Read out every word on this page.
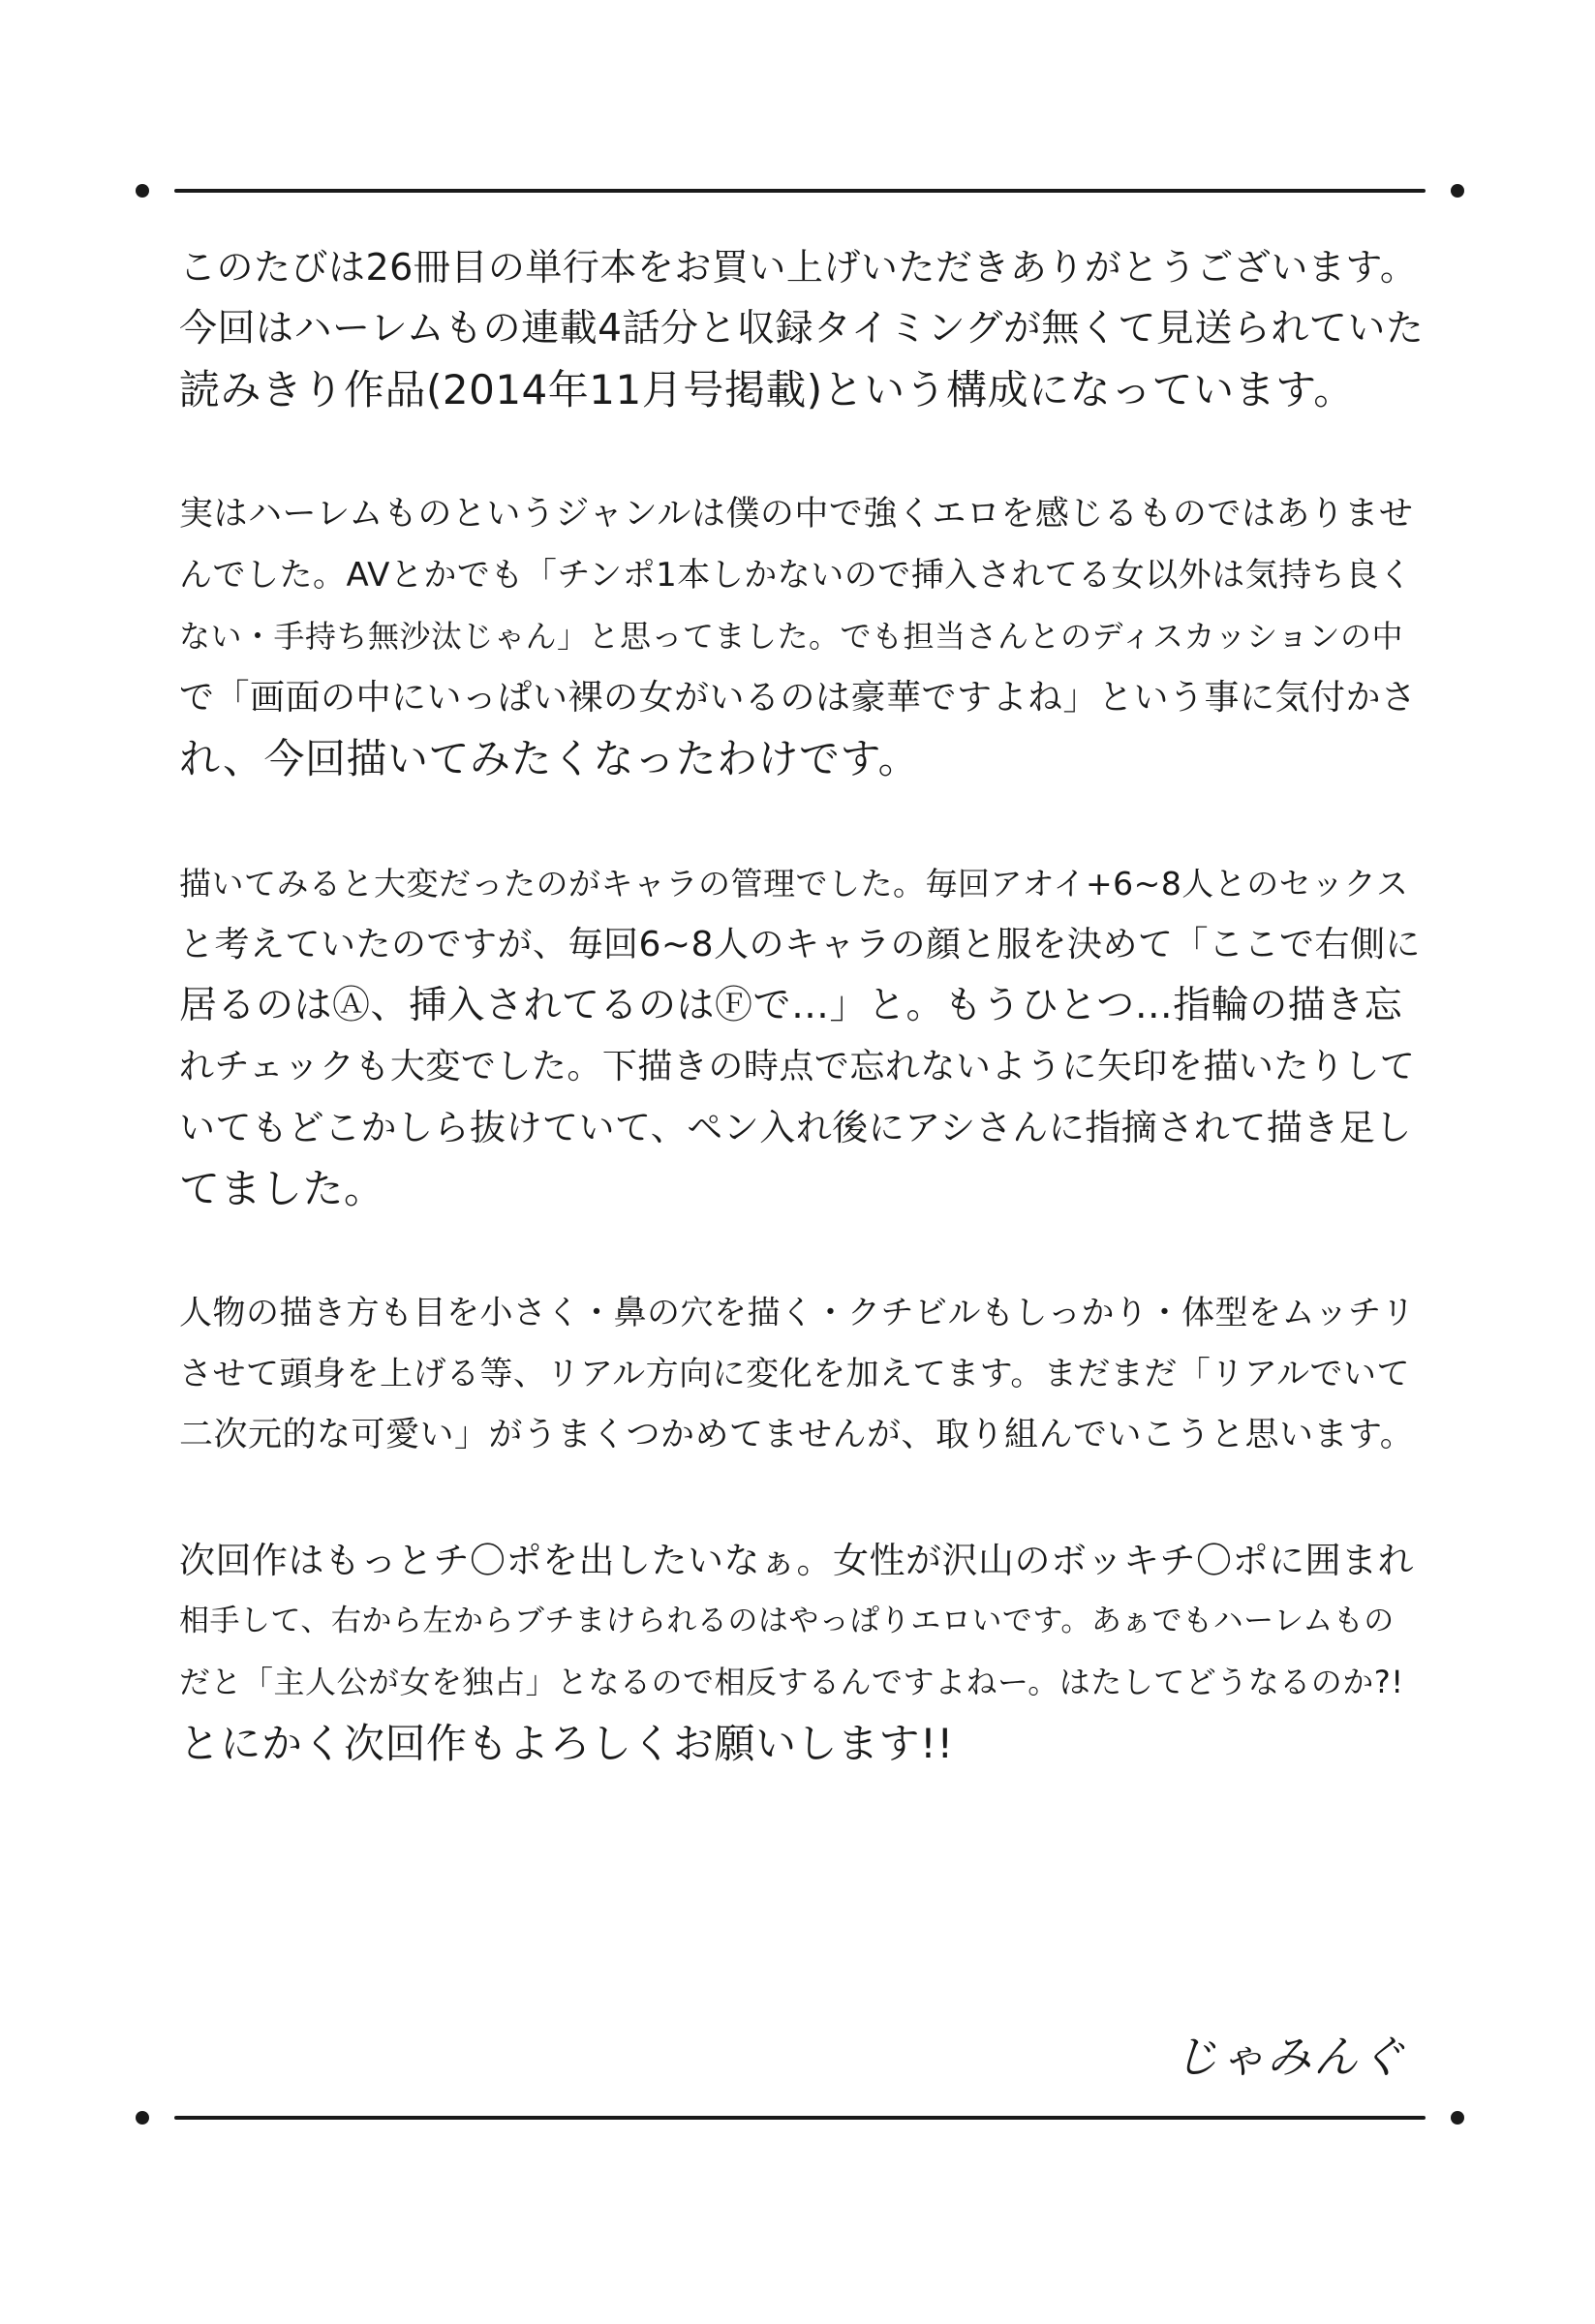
このたびは26冊目の単行本をお買い上げいただきありがとうございます。
今回はハーレムもの連載4話分と収録タイミングが無くて見送られていた
読みきり作品(2014年11月号掲載)という構成になっています。
実はハーレムものというジャンルは僕の中で強くエロを感じるものではありませ
んでした。AVとかでも「チンポ1本しかないので挿入されてる女以外は気持ち良く
ない・手持ち無沙汰じゃん」と思ってました。でも担当さんとのディスカッションの中
で「画面の中にいっぱい裸の女がいるのは豪華ですよね」という事に気付かさ
れ、今回描いてみたくなったわけです。
描いてみると大変だったのがキャラの管理でした。毎回アオイ+6~8人とのセックス
と考えていたのですが、毎回6~8人のキャラの顔と服を決めて「ここで右側に
居るのはⒶ、挿入されてるのはⒻで…」と。もうひとつ…指輪の描き忘
れチェックも大変でした。下描きの時点で忘れないように矢印を描いたりして
いてもどこかしら抜けていて、ペン入れ後にアシさんに指摘されて描き足し
てました。
人物の描き方も目を小さく・鼻の穴を描く・クチビルもしっかり・体型をムッチリ
させて頭身を上げる等、リアル方向に変化を加えてます。まだまだ「リアルでいて
二次元的な可愛い」がうまくつかめてませんが、取り組んでいこうと思います。
次回作はもっとチ〇ポを出したいなぁ。女性が沢山のボッキチ〇ポに囲まれ
相手して、右から左からブチまけられるのはやっぱりエロいです。あぁでもハーレムもの
だと「主人公が女を独占」となるので相反するんですよねー。はたしてどうなるのか?!
とにかく次回作もよろしくお願いします!!
じゃみんぐ
